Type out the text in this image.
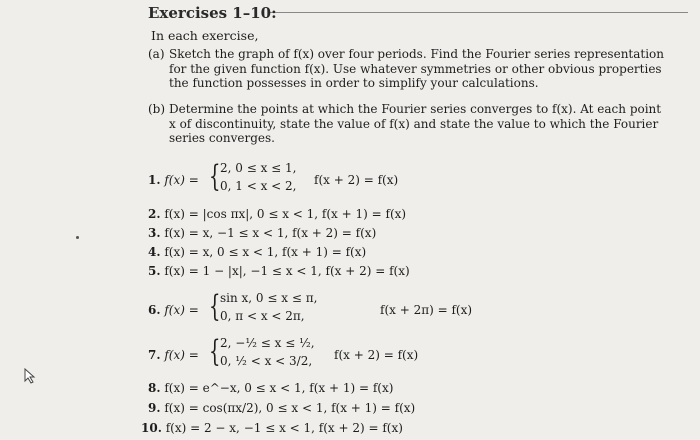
Exercises 1–10:
In each exercise,
(a) Sketch the graph of f(x) over four periods. Find the Fourier series representation for the given function f(x). Use whatever symmetries or other obvious properties the function possesses in order to simplify your calculations.
(b) Determine the points at which the Fourier series converges to f(x). At each point x of discontinuity, state the value of f(x) and state the value to which the Fourier series converges.
1. f(x) = { 2, 0 ≤ x ≤ 1,
0, 1 < x < 2, f(x + 2) = f(x)
2. f(x) = |cos πx|, 0 ≤ x < 1, f(x + 1) = f(x)
3. f(x) = x, −1 ≤ x < 1, f(x + 2) = f(x)
4. f(x) = x, 0 ≤ x < 1, f(x + 1) = f(x)
5. f(x) = 1 − |x|, −1 ≤ x < 1, f(x + 2) = f(x)
6. f(x) = { sin x, 0 ≤ x ≤ π,
0, π < x < 2π,	f(x + 2π) = f(x)
7. f(x) = { 2, −½ ≤ x ≤ ½,
0, ½ < x < 3/2, f(x + 2) = f(x)
8. f(x) = e^−x, 0 ≤ x < 1, f(x + 1) = f(x)
9. f(x) = cos(πx/2), 0 ≤ x < 1, f(x + 1) = f(x)
10. f(x) = 2 − x, −1 ≤ x < 1, f(x + 2) = f(x)
